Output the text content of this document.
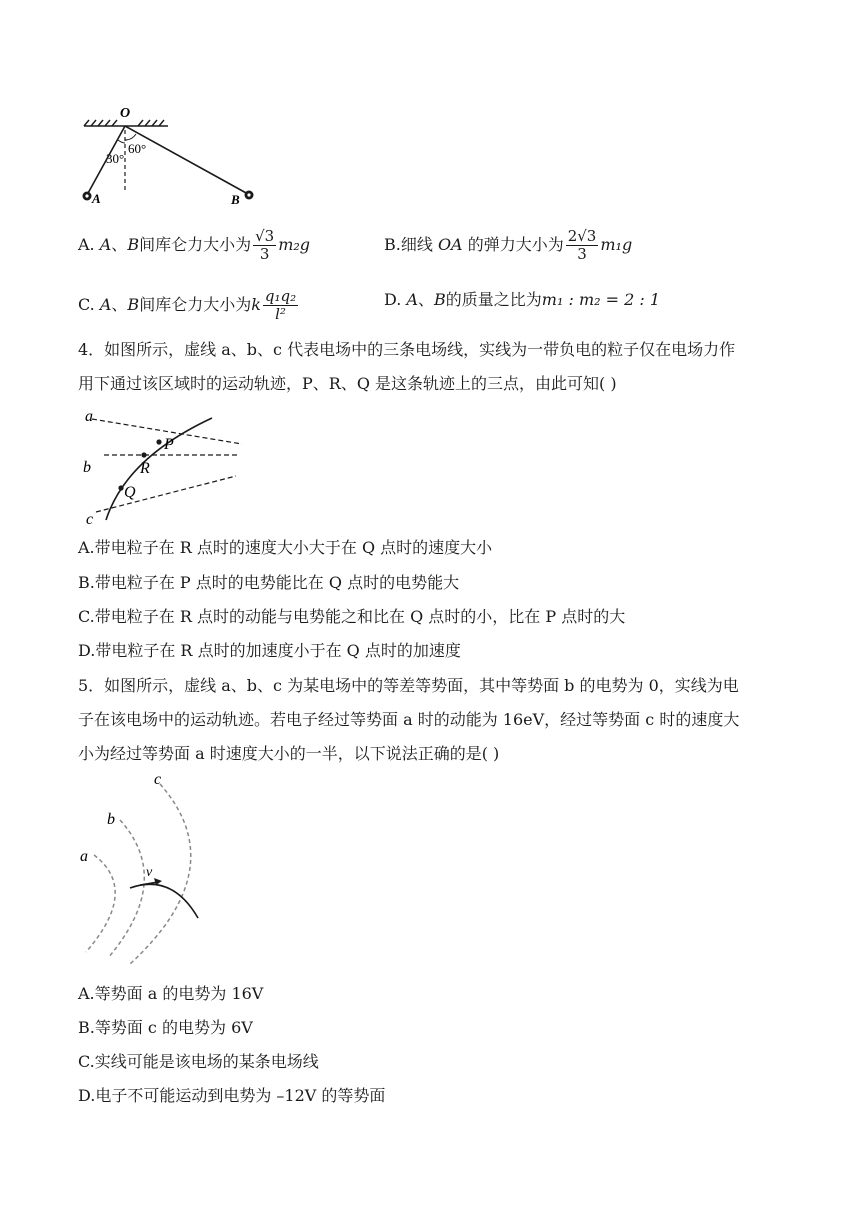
O
30°
60°
A	B
A. A、B间库仑力大小为 $\frac{√3}{3} m_2g$	B.细线 OA 的弹力大小为 $\frac{2√3}{3} m_1g$
C. A、B间库仑力大小为k $\frac{\text{q₁q₂}}{\text{l²}}$	D. A、B的质量之比为m₁ : m₂ = 2 : 1
4．如图所示，虚线 a、b、c 代表电场中的三条电场线，实线为一带负电的粒子仅在电场力作
用下通过该区域时的运动轨迹，P、R、Q 是这条轨迹上的三点，由此可知( )
a
b
c
P
R
Q
A.带电粒子在 R 点时的速度大小大于在 Q 点时的速度大小
B.带电粒子在 P 点时的电势能比在 Q 点时的电势能大
C.带电粒子在 R 点时的动能与电势能之和比在 Q 点时的小，比在 P 点时的大
D.带电粒子在 R 点时的加速度小于在 Q 点时的加速度
5．如图所示，虚线 a、b、c 为某电场中的等差等势面，其中等势面 b 的电势为 0，实线为电
子在该电场中的运动轨迹。若电子经过等势面 a 时的动能为 16eV，经过等势面 c 时的速度大
小为经过等势面 a 时速度大小的一半，以下说法正确的是( )
a
b
c
v
A.等势面 a 的电势为 16V
B.等势面 c 的电势为 6V
C.实线可能是该电场的某条电场线
D.电子不可能运动到电势为 –12V 的等势面
